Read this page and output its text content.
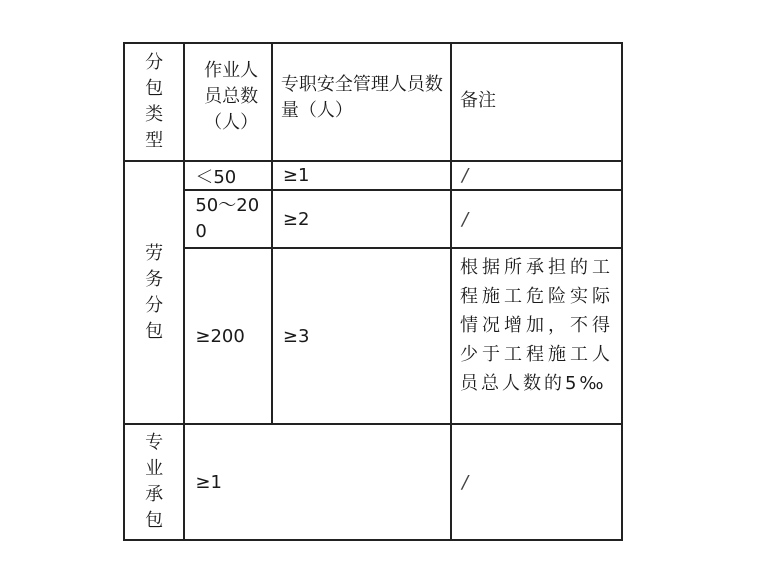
分包类型	作业人员总数（人）	专职安全管理人员数量（人）	备注

劳务分包	＜50	≥1	/
	50～200	≥2	/
	≥200	≥3	根据所承担的工程施工危险实际情况增加，不得少于工程施工人员总人数的5‰

专业承包	≥1		/
